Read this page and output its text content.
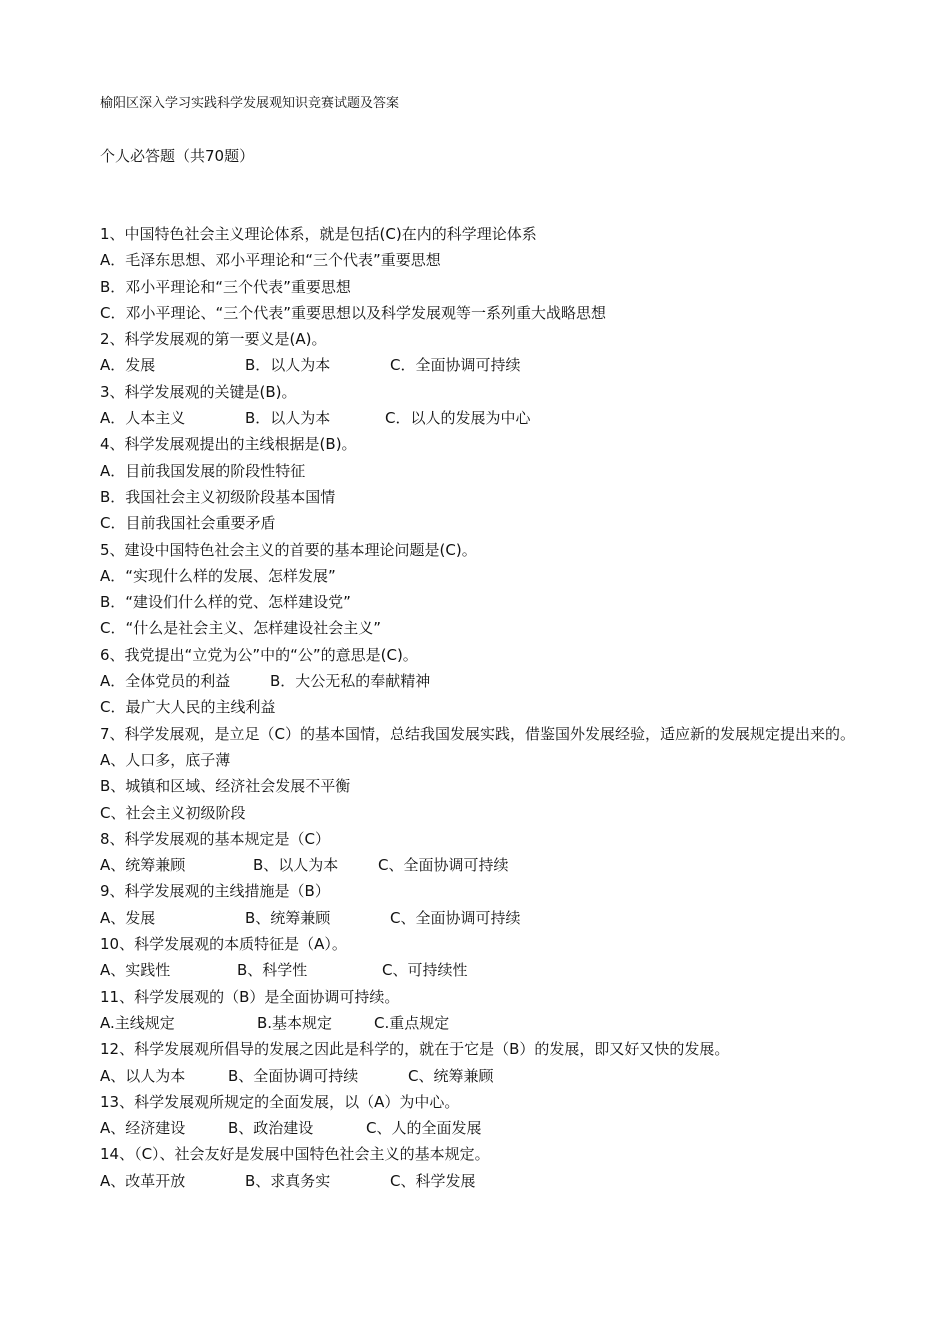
榆阳区深入学习实践科学发展观知识竞赛试题及答案
个人必答题（共70题）
1、中国特色社会主义理论体系，就是包括(C)在内的科学理论体系
A．毛泽东思想、邓小平理论和“三个代表”重要思想
B．邓小平理论和“三个代表”重要思想
C．邓小平理论、“三个代表”重要思想以及科学发展观等一系列重大战略思想
2、科学发展观的第一要义是(A)。
A．发展	B．以人为本	C．全面协调可持续
3、科学发展观的关键是(B)。
A．人本主义	B．以人为本	C．以人的发展为中心
4、科学发展观提出的主线根据是(B)。
A．目前我国发展的阶段性特征
B．我国社会主义初级阶段基本国情
C．目前我国社会重要矛盾
5、建设中国特色社会主义的首要的基本理论问题是(C)。
A．“实现什么样的发展、怎样发展”
B．“建设们什么样的党、怎样建设党”
C．“什么是社会主义、怎样建设社会主义”
6、我党提出“立党为公”中的“公”的意思是(C)。
A．全体党员的利益	B．大公无私的奉献精神
C．最广大人民的主线利益
7、科学发展观，是立足（C）的基本国情，总结我国发展实践，借鉴国外发展经验，适应新的发展规定提出来的。
A、人口多，底子薄
B、城镇和区域、经济社会发展不平衡
C、社会主义初级阶段
8、科学发展观的基本规定是（C）
A、统筹兼顾	B、以人为本	C、全面协调可持续
9、科学发展观的主线措施是（B）
A、发展	B、统筹兼顾	C、全面协调可持续
10、科学发展观的本质特征是（A）。
A、实践性	B、科学性	C、可持续性
11、科学发展观的（B）是全面协调可持续。
A.主线规定	B.基本规定	C.重点规定
12、科学发展观所倡导的发展之因此是科学的，就在于它是（B）的发展，即又好又快的发展。
A、以人为本	B、全面协调可持续	C、统筹兼顾
13、科学发展观所规定的全面发展，以（A）为中心。
A、经济建设	B、政治建设	C、人的全面发展
14、（C）、社会友好是发展中国特色社会主义的基本规定。
A、改革开放	B、求真务实	C、科学发展
